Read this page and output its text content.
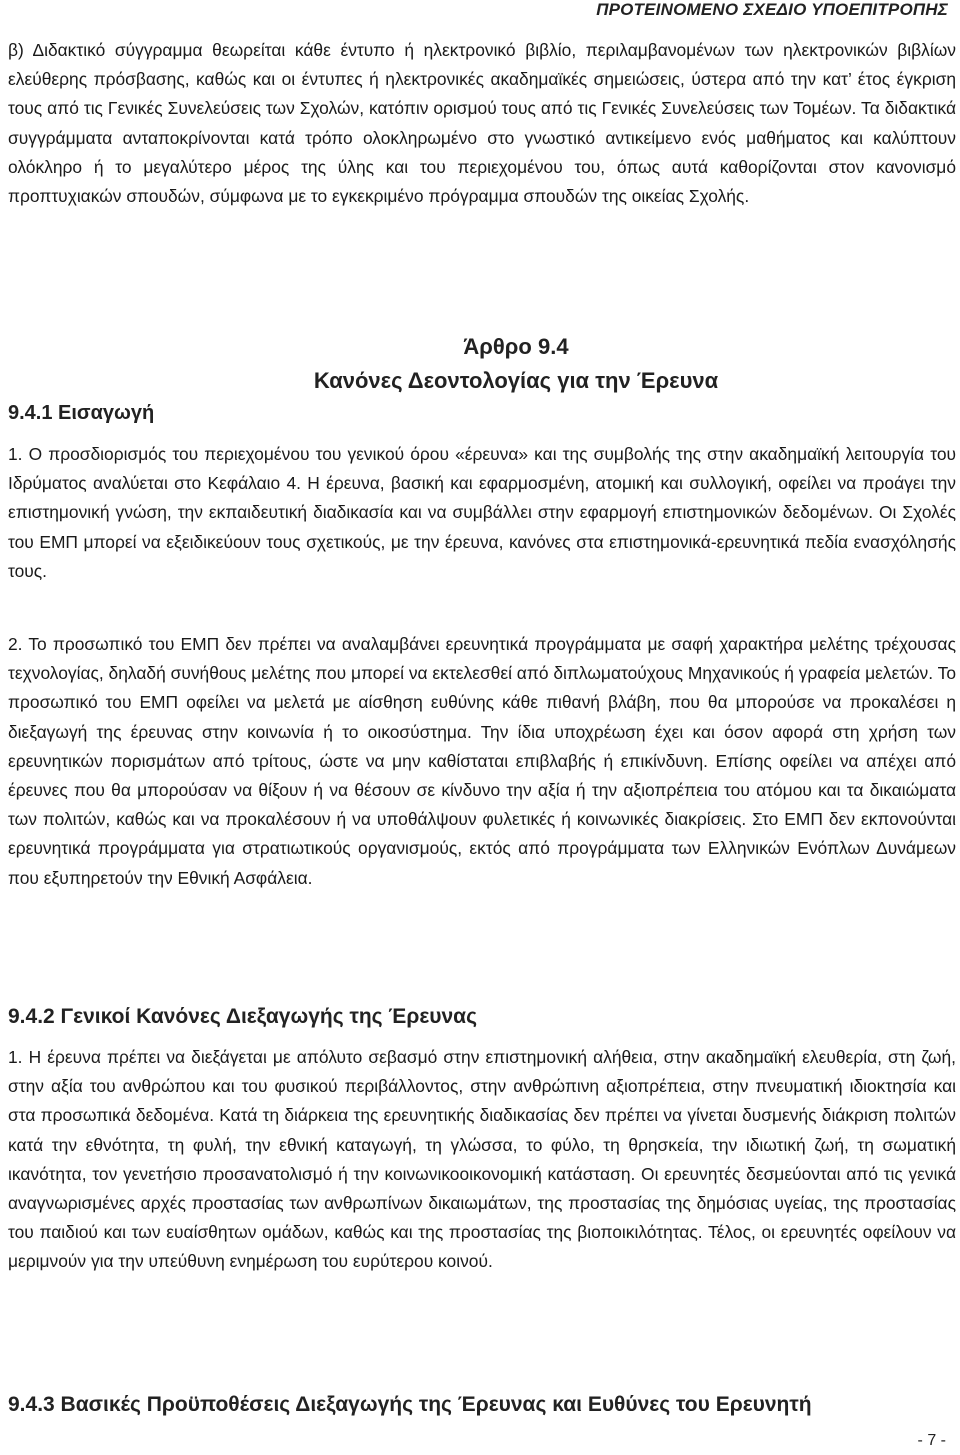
ΠΡΟΤΕΙΝΟΜΕΝΟ ΣΧΕΔΙΟ ΥΠΟΕΠΙΤΡΟΠΗΣ

β) Διδακτικό σύγγραμμα θεωρείται κάθε έντυπο ή ηλεκτρονικό βιβλίο, περιλαμβανομένων των ηλεκτρονικών βιβλίων ελεύθερης πρόσβασης, καθώς και οι έντυπες ή ηλεκτρονικές ακαδημαϊκές σημειώσεις, ύστερα από την κατ’ έτος έγκριση τους από τις Γενικές Συνελεύσεις των Σχολών, κατόπιν ορισμού τους από τις Γενικές Συνελεύσεις των Τομέων. Τα διδακτικά συγγράμματα ανταποκρίνονται κατά τρόπο ολοκληρωμένο στο γνωστικό αντικείμενο ενός μαθήματος και καλύπτουν ολόκληρο ή το μεγαλύτερο μέρος της ύλης και του περιεχομένου του, όπως αυτά καθορίζονται στον κανονισμό προπτυχιακών σπουδών, σύμφωνα με το εγκεκριμένο πρόγραμμα σπουδών της οικείας Σχολής.

Άρθρο 9.4
Κανόνες Δεοντολογίας για την Έρευνα
9.4.1 Εισαγωγή

1. Ο προσδιορισμός του περιεχομένου του γενικού όρου «έρευνα» και της συμβολής της στην ακαδημαϊκή λειτουργία του Ιδρύματος αναλύεται στο Κεφάλαιο 4. Η έρευνα, βασική και εφαρμοσμένη, ατομική και συλλογική, οφείλει να προάγει την επιστημονική γνώση, την εκπαιδευτική διαδικασία και να συμβάλλει στην εφαρμογή επιστημονικών δεδομένων. Οι Σχολές του ΕΜΠ μπορεί να εξειδικεύουν τους σχετικούς, με την έρευνα, κανόνες στα επιστημονικά-ερευνητικά πεδία ενασχόλησής τους.

2. Το προσωπικό του ΕΜΠ δεν πρέπει να αναλαμβάνει ερευνητικά προγράμματα με σαφή χαρακτήρα μελέτης τρέχουσας τεχνολογίας, δηλαδή συνήθους μελέτης που μπορεί να εκτελεσθεί από διπλωματούχους Μηχανικούς ή γραφεία μελετών. Το προσωπικό του ΕΜΠ οφείλει να μελετά με αίσθηση ευθύνης κάθε πιθανή βλάβη, που θα μπορούσε να προκαλέσει η διεξαγωγή της έρευνας στην κοινωνία ή το οικοσύστημα. Την ίδια υποχρέωση έχει και όσον αφορά στη χρήση των ερευνητικών πορισμάτων από τρίτους, ώστε να μην καθίσταται επιβλαβής ή επικίνδυνη. Επίσης οφείλει να απέχει από έρευνες που θα μπορούσαν να θίξουν ή να θέσουν σε κίνδυνο την αξία ή την αξιοπρέπεια του ατόμου και τα δικαιώματα των πολιτών, καθώς και να προκαλέσουν ή να υποθάλψουν φυλετικές ή κοινωνικές διακρίσεις. Στο ΕΜΠ δεν εκπονούνται ερευνητικά προγράμματα για στρατιωτικούς οργανισμούς, εκτός από προγράμματα των Ελληνικών Ενόπλων Δυνάμεων που εξυπηρετούν την Εθνική Ασφάλεια.

9.4.2 Γενικοί Κανόνες Διεξαγωγής της Έρευνας

1. Η έρευνα πρέπει να διεξάγεται με απόλυτο σεβασμό στην επιστημονική αλήθεια, στην ακαδημαϊκή ελευθερία, στη ζωή, στην αξία του ανθρώπου και του φυσικού περιβάλλοντος, στην ανθρώπινη αξιοπρέπεια, στην πνευματική ιδιοκτησία και στα προσωπικά δεδομένα. Κατά τη διάρκεια της ερευνητικής διαδικασίας δεν πρέπει να γίνεται δυσμενής διάκριση πολιτών κατά την εθνότητα, τη φυλή, την εθνική καταγωγή, τη γλώσσα, το φύλο, τη θρησκεία, την ιδιωτική ζωή, τη σωματική ικανότητα, τον γενετήσιο προσανατολισμό ή την κοινωνικοοικονομική κατάσταση. Οι ερευνητές δεσμεύονται από τις γενικά αναγνωρισμένες αρχές προστασίας των ανθρωπίνων δικαιωμάτων, της προστασίας της δημόσιας υγείας, της προστασίας του παιδιού και των ευαίσθητων ομάδων, καθώς και της προστασίας της βιοποικιλότητας. Τέλος, οι ερευνητές οφείλουν να μεριμνούν για την υπεύθυνη ενημέρωση του ευρύτερου κοινού.

9.4.3 Βασικές Προϋποθέσεις Διεξαγωγής της Έρευνας και Ευθύνες του Ερευνητή
- 7 -
